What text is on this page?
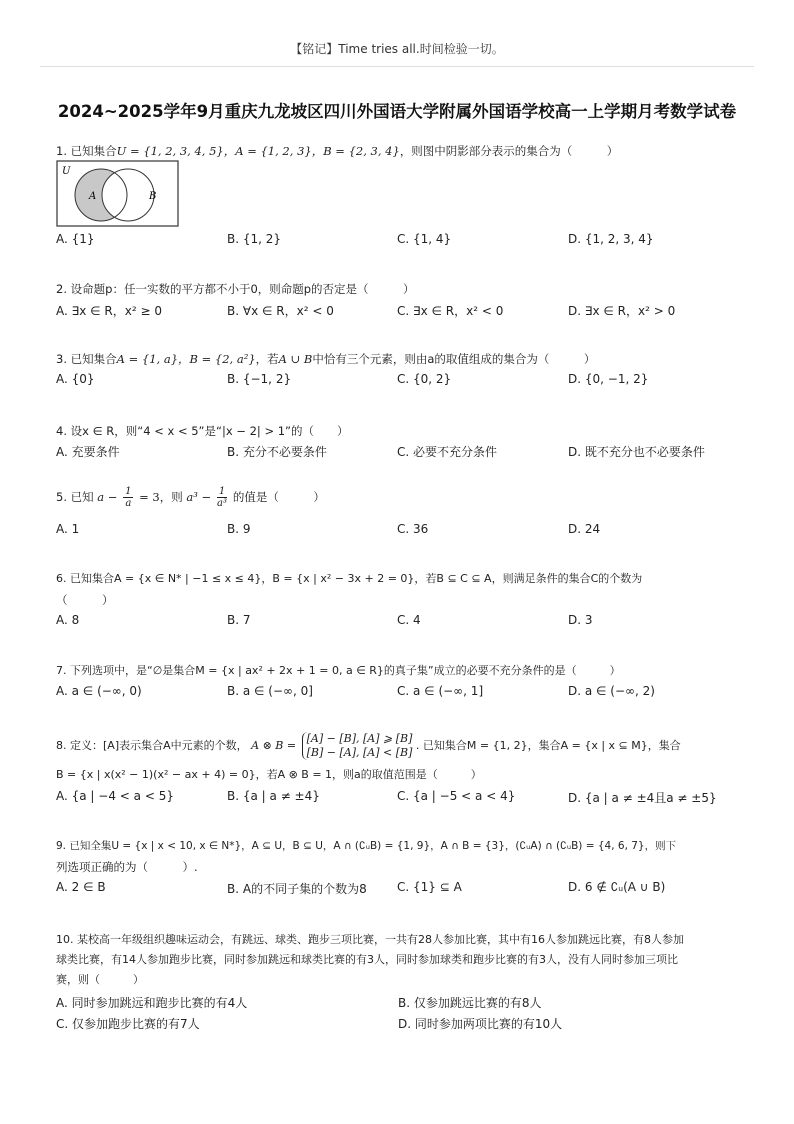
【铭记】Time tries all.时间检验一切。
2024~2025学年9月重庆九龙坡区四川外国语大学附属外国语学校高一上学期月考数学试卷
1. 已知集合U = {1, 2, 3, 4, 5}，A = {1, 2, 3}，B = {2, 3, 4}，则图中阴影部分表示的集合为（　　　）
U
A	B
A. {1}	B. {1, 2}	C. {1, 4}	D. {1, 2, 3, 4}
2. 设命题p：任一实数的平方都不小于0，则命题p的否定是（　　　）
A. ∃x ∈ R，x² ≥ 0	B. ∀x ∈ R，x² < 0	C. ∃x ∈ R，x² < 0	D. ∃x ∈ R，x² > 0
3. 已知集合A = {1, a}，B = {2, a²}，若A ∪ B中恰有三个元素，则由a的取值组成的集合为（　　　）
A. {0}	B. {−1, 2}	C. {0, 2}	D. {0, −1, 2}
4. 设x ∈ R，则“4 < x < 5”是“|x − 2| > 1”的（　　）
A. 充要条件	B. 充分不必要条件	C. 必要不充分条件	D. 既不充分也不必要条件
5. 已知 $a - \frac{1}{a} = 3$，则 $a^3 - \frac{1}{\text{a³}}$ 的值是（　　　）
A. 1	B. 9	C. 36	D. 24
6. 已知集合A = {x ∈ N* | −1 ≤ x ≤ 4}，B = {x | x² − 3x + 2 = 0}，若B ⊆ C ⊆ A，则满足条件的集合C的个数为
（　　　）
A. 8	B. 7	C. 4	D. 3
7. 下列选项中，是“∅是集合M = {x | ax² + 2x + 1 = 0, a ∈ R}的真子集”成立的必要不充分条件的是（　　　）
A. a ∈ (−∞, 0)	B. a ∈ (−∞, 0]	C. a ∈ (−∞, 1]	D. a ∈ (−∞, 2)
8. 定义：[A]表示集合A中元素的个数， A ⊗ B =
[A] − [B], [A] ⩾ [B]
[B] − [A], [A] < [B]
. 已知集合M = {1, 2}，集合A = {x | x ⊆ M}，集合
B = {x | x(x² − 1)(x² − ax + 4) = 0}，若A ⊗ B = 1，则a的取值范围是（　　　）
A. {a | −4 < a < 5}	B. {a | a ≠ ±4}	C. {a | −5 < a < 4}	D. {a | a ≠ ±4且a ≠ ±5}
9. 已知全集U = {x | x < 10, x ∈ N*}，A ⊆ U，B ⊆ U，A ∩ (∁ᵤB) = {1, 9}，A ∩ B = {3}，(∁ᵤA) ∩ (∁ᵤB) = {4, 6, 7}，则下
列选项正确的为（　　　）.
A. 2 ∈ B	B. A的不同子集的个数为8	C. {1} ⊆ A	D. 6 ∉ ∁ᵤ(A ∪ B)
10. 某校高一年级组织趣味运动会，有跳远、球类、跑步三项比赛，一共有28人参加比赛，其中有16人参加跳远比赛，有8人参加
球类比赛，有14人参加跑步比赛，同时参加跳远和球类比赛的有3人，同时参加球类和跑步比赛的有3人，没有人同时参加三项比
赛，则（　　　）
A. 同时参加跳远和跑步比赛的有4人	B. 仅参加跳远比赛的有8人
C. 仅参加跑步比赛的有7人	D. 同时参加两项比赛的有10人
